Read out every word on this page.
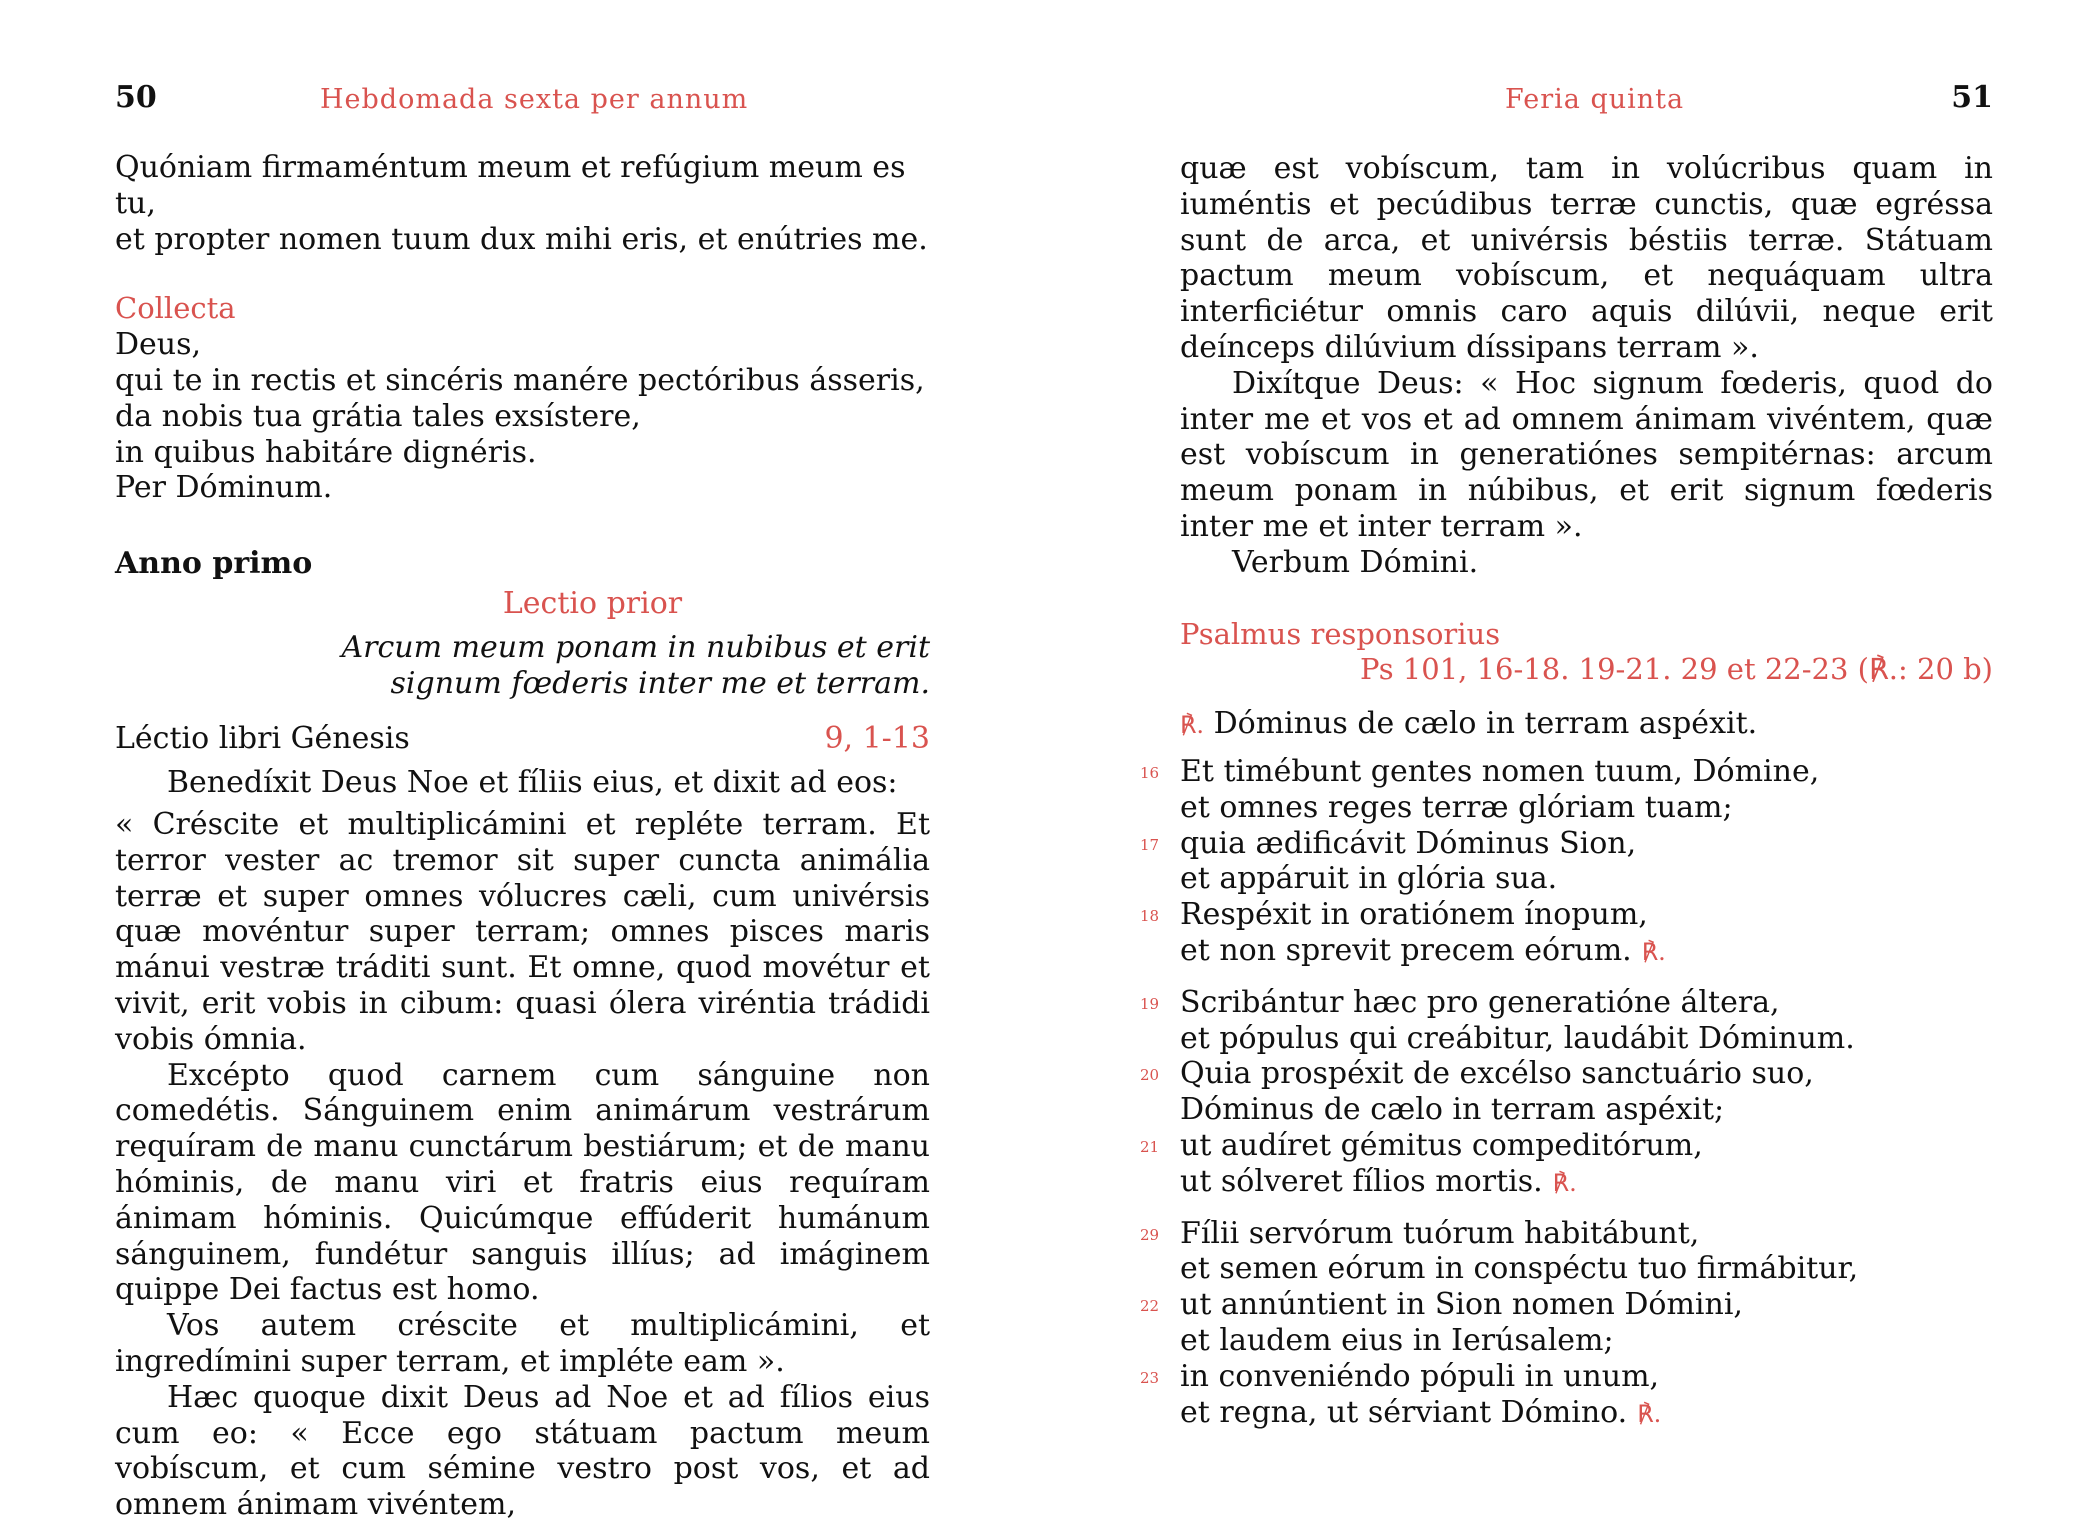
50	Hebdomada sexta per annum

Quóniam firmaméntum meum et refúgium meum es tu,

et propter nomen tuum dux mihi eris, et enútries me.

Collecta

Deus,

qui te in rectis et sincéris manére pectóribus ásseris,

da nobis tua grátia tales exsístere,

in quibus habitáre dignéris.

Per Dóminum.

Anno primo

Lectio prior

Arcum meum ponam in nubibus et erit

signum fœderis inter me et terram.

Léctio libri Génesis	9, 1-13

Benedíxit Deus Noe et fíliis eius, et dixit ad eos:

« Créscite et multiplicámini et repléte terram. Et terror vester ac tremor sit super cuncta animália terræ et super omnes vólucres cæli, cum univérsis quæ movéntur super terram; omnes pisces maris mánui vestræ tráditi sunt. Et omne, quod movétur et vivit, erit vobis in cibum: quasi ólera viréntia trádidi vobis ómnia.

Excépto quod carnem cum sánguine non comedétis. Sánguinem enim animárum vestrárum requíram de manu cunctárum bestiárum; et de manu hóminis, de manu viri et fratris eius requíram ánimam hóminis. Quicúmque effúderit humánum sánguinem, fundétur sanguis illíus; ad imáginem quippe Dei factus est homo.

Vos autem créscite et multiplicámini, et ingredímini super terram, et impléte eam ».

Hæc quoque dixit Deus ad Noe et ad fílios eius cum eo: « Ecce ego státuam pactum meum vobíscum, et cum sémine vestro post vos, et ad omnem ánimam vivéntem,

Feria quinta	51

quæ est vobíscum, tam in volúcribus quam in iuméntis et pecúdibus terræ cunctis, quæ egréssa sunt de arca, et univérsis béstiis terræ. Státuam pactum meum vobíscum, et nequáquam ultra interficiétur omnis caro aquis dilúvii, neque erit deínceps dilúvium díssipans terram ».

Dixítque Deus: « Hoc signum fœderis, quod do inter me et vos et ad omnem ánimam vivéntem, quæ est vobíscum in generatiónes sempitérnas: arcum meum ponam in núbibus, et erit signum fœderis inter me et inter terram ».

Verbum Dómini.

Psalmus responsorius

Ps 101, 16-18. 19-21. 29 et 22-23 (℟.: 20 b)

℟. Dóminus de cælo in terram aspéxit.

16 Et timébunt gentes nomen tuum, Dómine,
et omnes reges terræ glóriam tuam;
17 quia ædificávit Dóminus Sion,
et appáruit in glória sua.
18 Respéxit in oratiónem ínopum,
et non sprevit precem eórum. ℟.
19 Scribántur hæc pro generatióne áltera,
et pópulus qui creábitur, laudábit Dóminum.
20 Quia prospéxit de excélso sanctuário suo,
Dóminus de cælo in terram aspéxit;
21 ut audíret gémitus compeditórum,
ut sólveret fílios mortis. ℟.
29 Fílii servórum tuórum habitábunt,
et semen eórum in conspéctu tuo firmábitur,
22 ut annúntient in Sion nomen Dómini,
et laudem eius in Ierúsalem;
23 in conveniéndo pópuli in unum,
et regna, ut sérviant Dómino. ℟.
